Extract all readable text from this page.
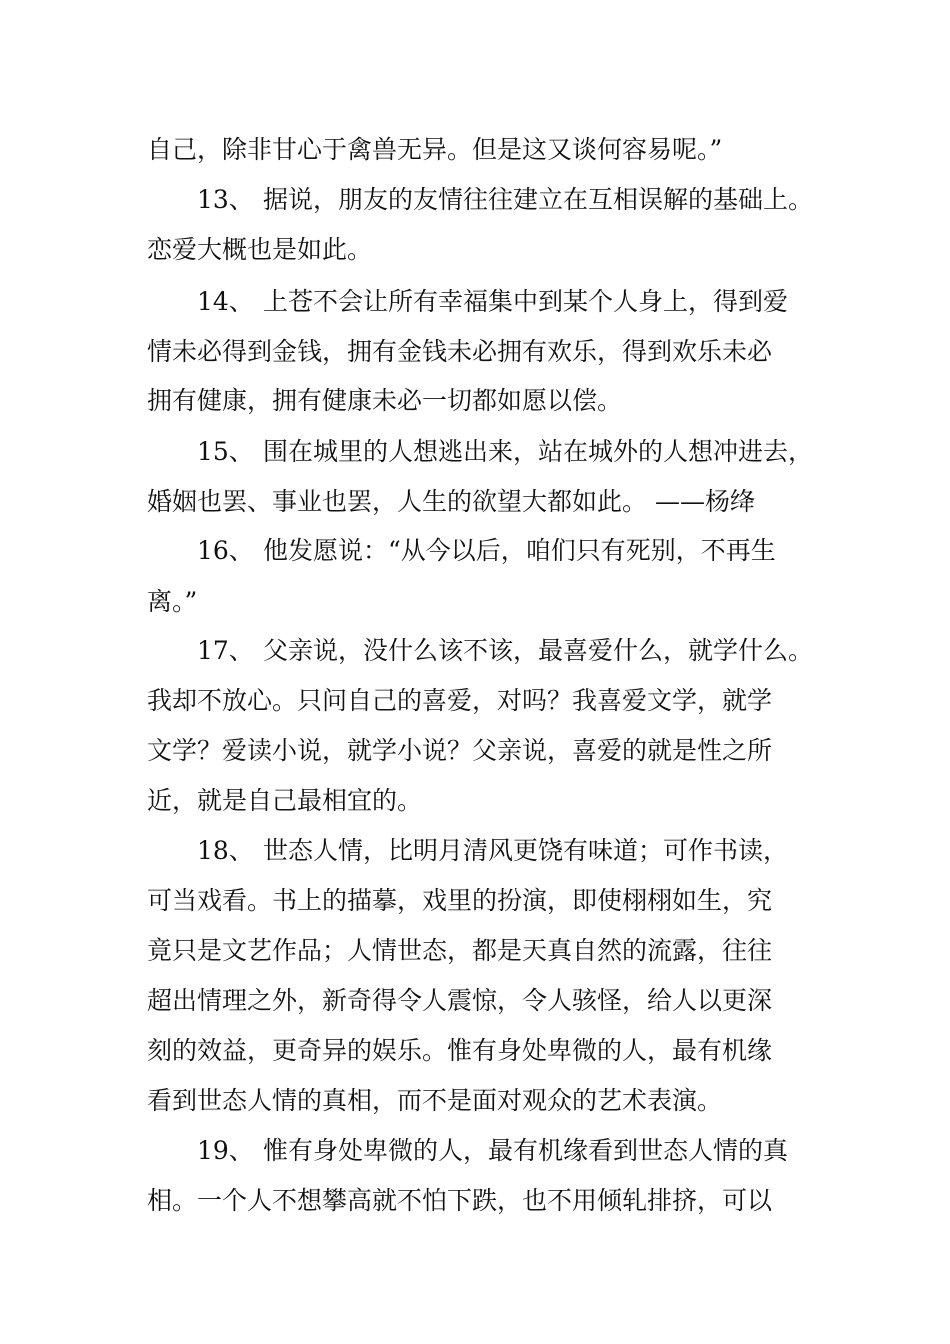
自己，除非甘心于禽兽无异。但是这又谈何容易呢。”
13、 据说，朋友的友情往往建立在互相误解的基础上。
恋爱大概也是如此。
14、 上苍不会让所有幸福集中到某个人身上，得到爱
情未必得到金钱，拥有金钱未必拥有欢乐，得到欢乐未必
拥有健康，拥有健康未必一切都如愿以偿。
15、 围在城里的人想逃出来，站在城外的人想冲进去，
婚姻也罢、事业也罢，人生的欲望大都如此。 ——杨绛
16、 他发愿说：“从今以后，咱们只有死别，不再生
离。”
17、 父亲说，没什么该不该，最喜爱什么，就学什么。
我却不放心。只问自己的喜爱，对吗？我喜爱文学，就学
文学？爱读小说，就学小说？父亲说，喜爱的就是性之所
近，就是自己最相宜的。
18、 世态人情，比明月清风更饶有味道；可作书读，
可当戏看。书上的描摹，戏里的扮演，即使栩栩如生，究
竟只是文艺作品；人情世态，都是天真自然的流露，往往
超出情理之外，新奇得令人震惊，令人骇怪，给人以更深
刻的效益，更奇异的娱乐。惟有身处卑微的人，最有机缘
看到世态人情的真相，而不是面对观众的艺术表演。
19、 惟有身处卑微的人，最有机缘看到世态人情的真
相。一个人不想攀高就不怕下跌，也不用倾轧排挤，可以
